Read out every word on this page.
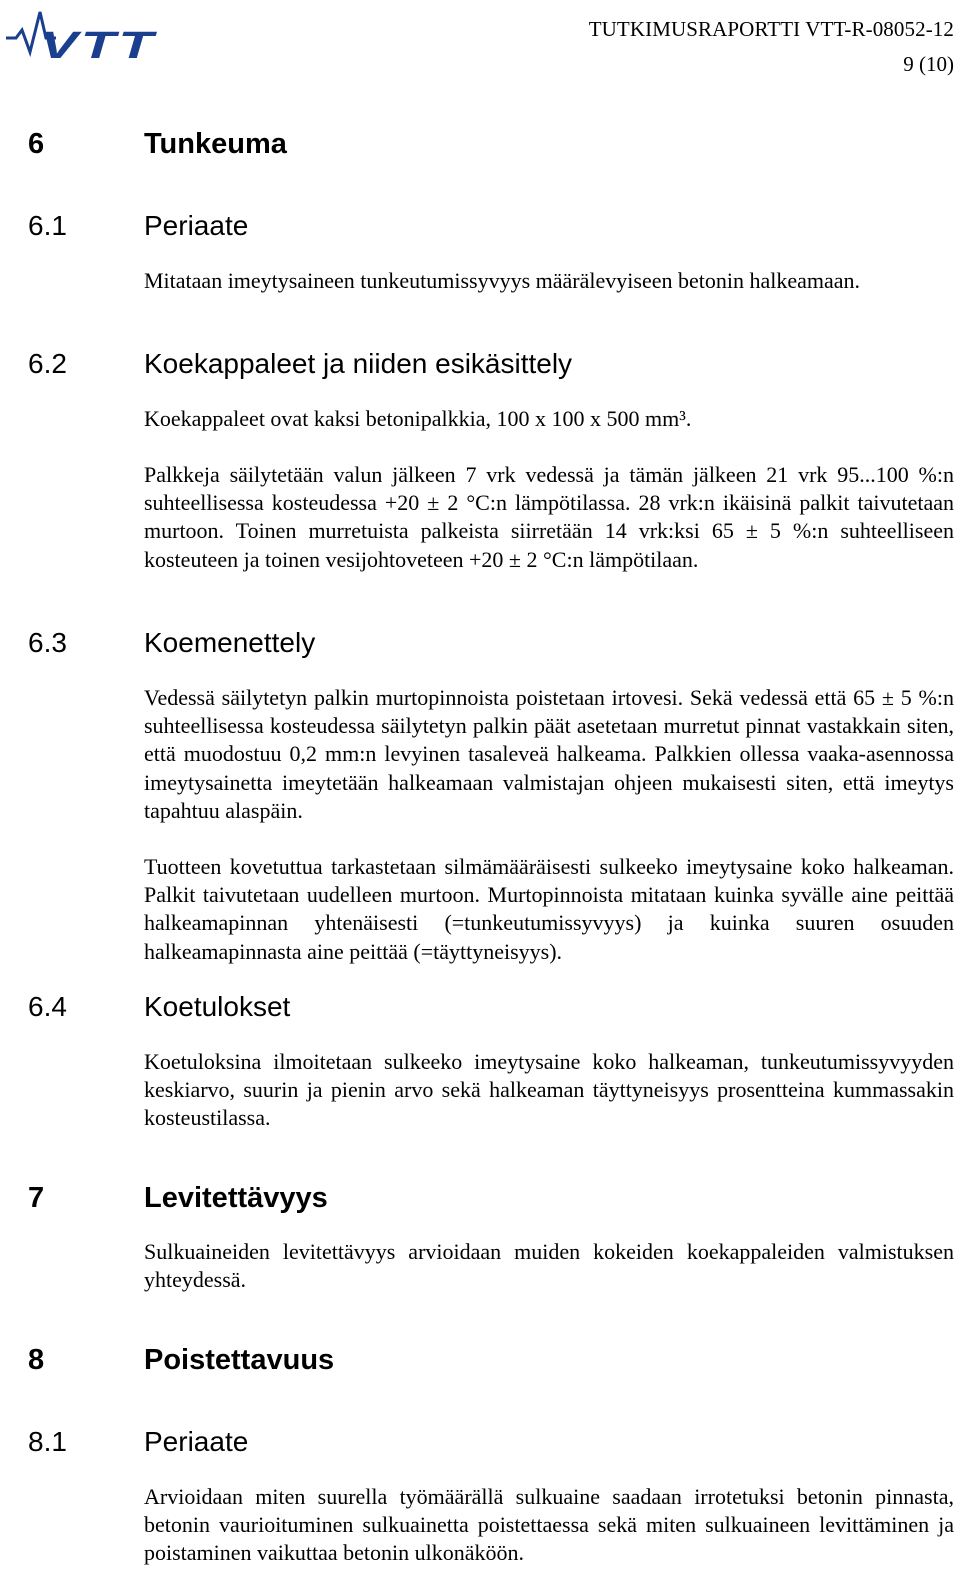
VTT	TUTKIMUSRAPORTTI VTT-R-08052-12
9 (10)
6	Tunkeuma
6.1	Periaate

Mitataan imeytysaineen tunkeutumissyvyys määrälevyiseen betonin halkeamaan.

6.2	Koekappaleet ja niiden esikäsittely

Koekappaleet ovat kaksi betonipalkkia, 100 x 100 x 500 mm³.

Palkkeja säilytetään valun jälkeen 7 vrk vedessä ja tämän jälkeen 21 vrk 95...100 %:n suhteellisessa kosteudessa +20 ± 2 °C:n lämpötilassa. 28 vrk:n ikäisinä palkit taivutetaan murtoon. Toinen murretuista palkeista siirretään 14 vrk:ksi 65 ± 5 %:n suhteelliseen kosteuteen ja toinen vesijohtoveteen +20 ± 2 °C:n lämpötilaan.

6.3	Koemenettely

Vedessä säilytetyn palkin murtopinnoista poistetaan irtovesi. Sekä vedessä että 65 ± 5 %:n suhteellisessa kosteudessa säilytetyn palkin päät asetetaan murretut pinnat vastakkain siten, että muodostuu 0,2 mm:n levyinen tasaleveä halkeama. Palkkien ollessa vaaka-asennossa imeytysainetta imeytetään halkeamaan valmistajan ohjeen mukaisesti siten, että imeytys tapahtuu alaspäin.

Tuotteen kovetuttua tarkastetaan silmämääräisesti sulkeeko imeytysaine koko halkeaman. Palkit taivutetaan uudelleen murtoon. Murtopinnoista mitataan kuinka syvälle aine peittää halkeamapinnan yhtenäisesti (=tunkeutumissyvyys) ja kuinka suuren osuuden halkeamapinnasta aine peittää (=täyttyneisyys).

6.4	Koetulokset

Koetuloksina ilmoitetaan sulkeeko imeytysaine koko halkeaman, tunkeutumissyvyyden keskiarvo, suurin ja pienin arvo sekä halkeaman täyttyneisyys prosentteina kummassakin kosteustilassa.

7	Levitettävyys

Sulkuaineiden levitettävyys arvioidaan muiden kokeiden koekappaleiden valmistuksen yhteydessä.

8	Poistettavuus
8.1	Periaate

Arvioidaan miten suurella työmäärällä sulkuaine saadaan irrotetuksi betonin pinnasta, betonin vaurioituminen sulkuainetta poistettaessa sekä miten sulkuaineen levittäminen ja poistaminen vaikuttaa betonin ulkonäköön.
